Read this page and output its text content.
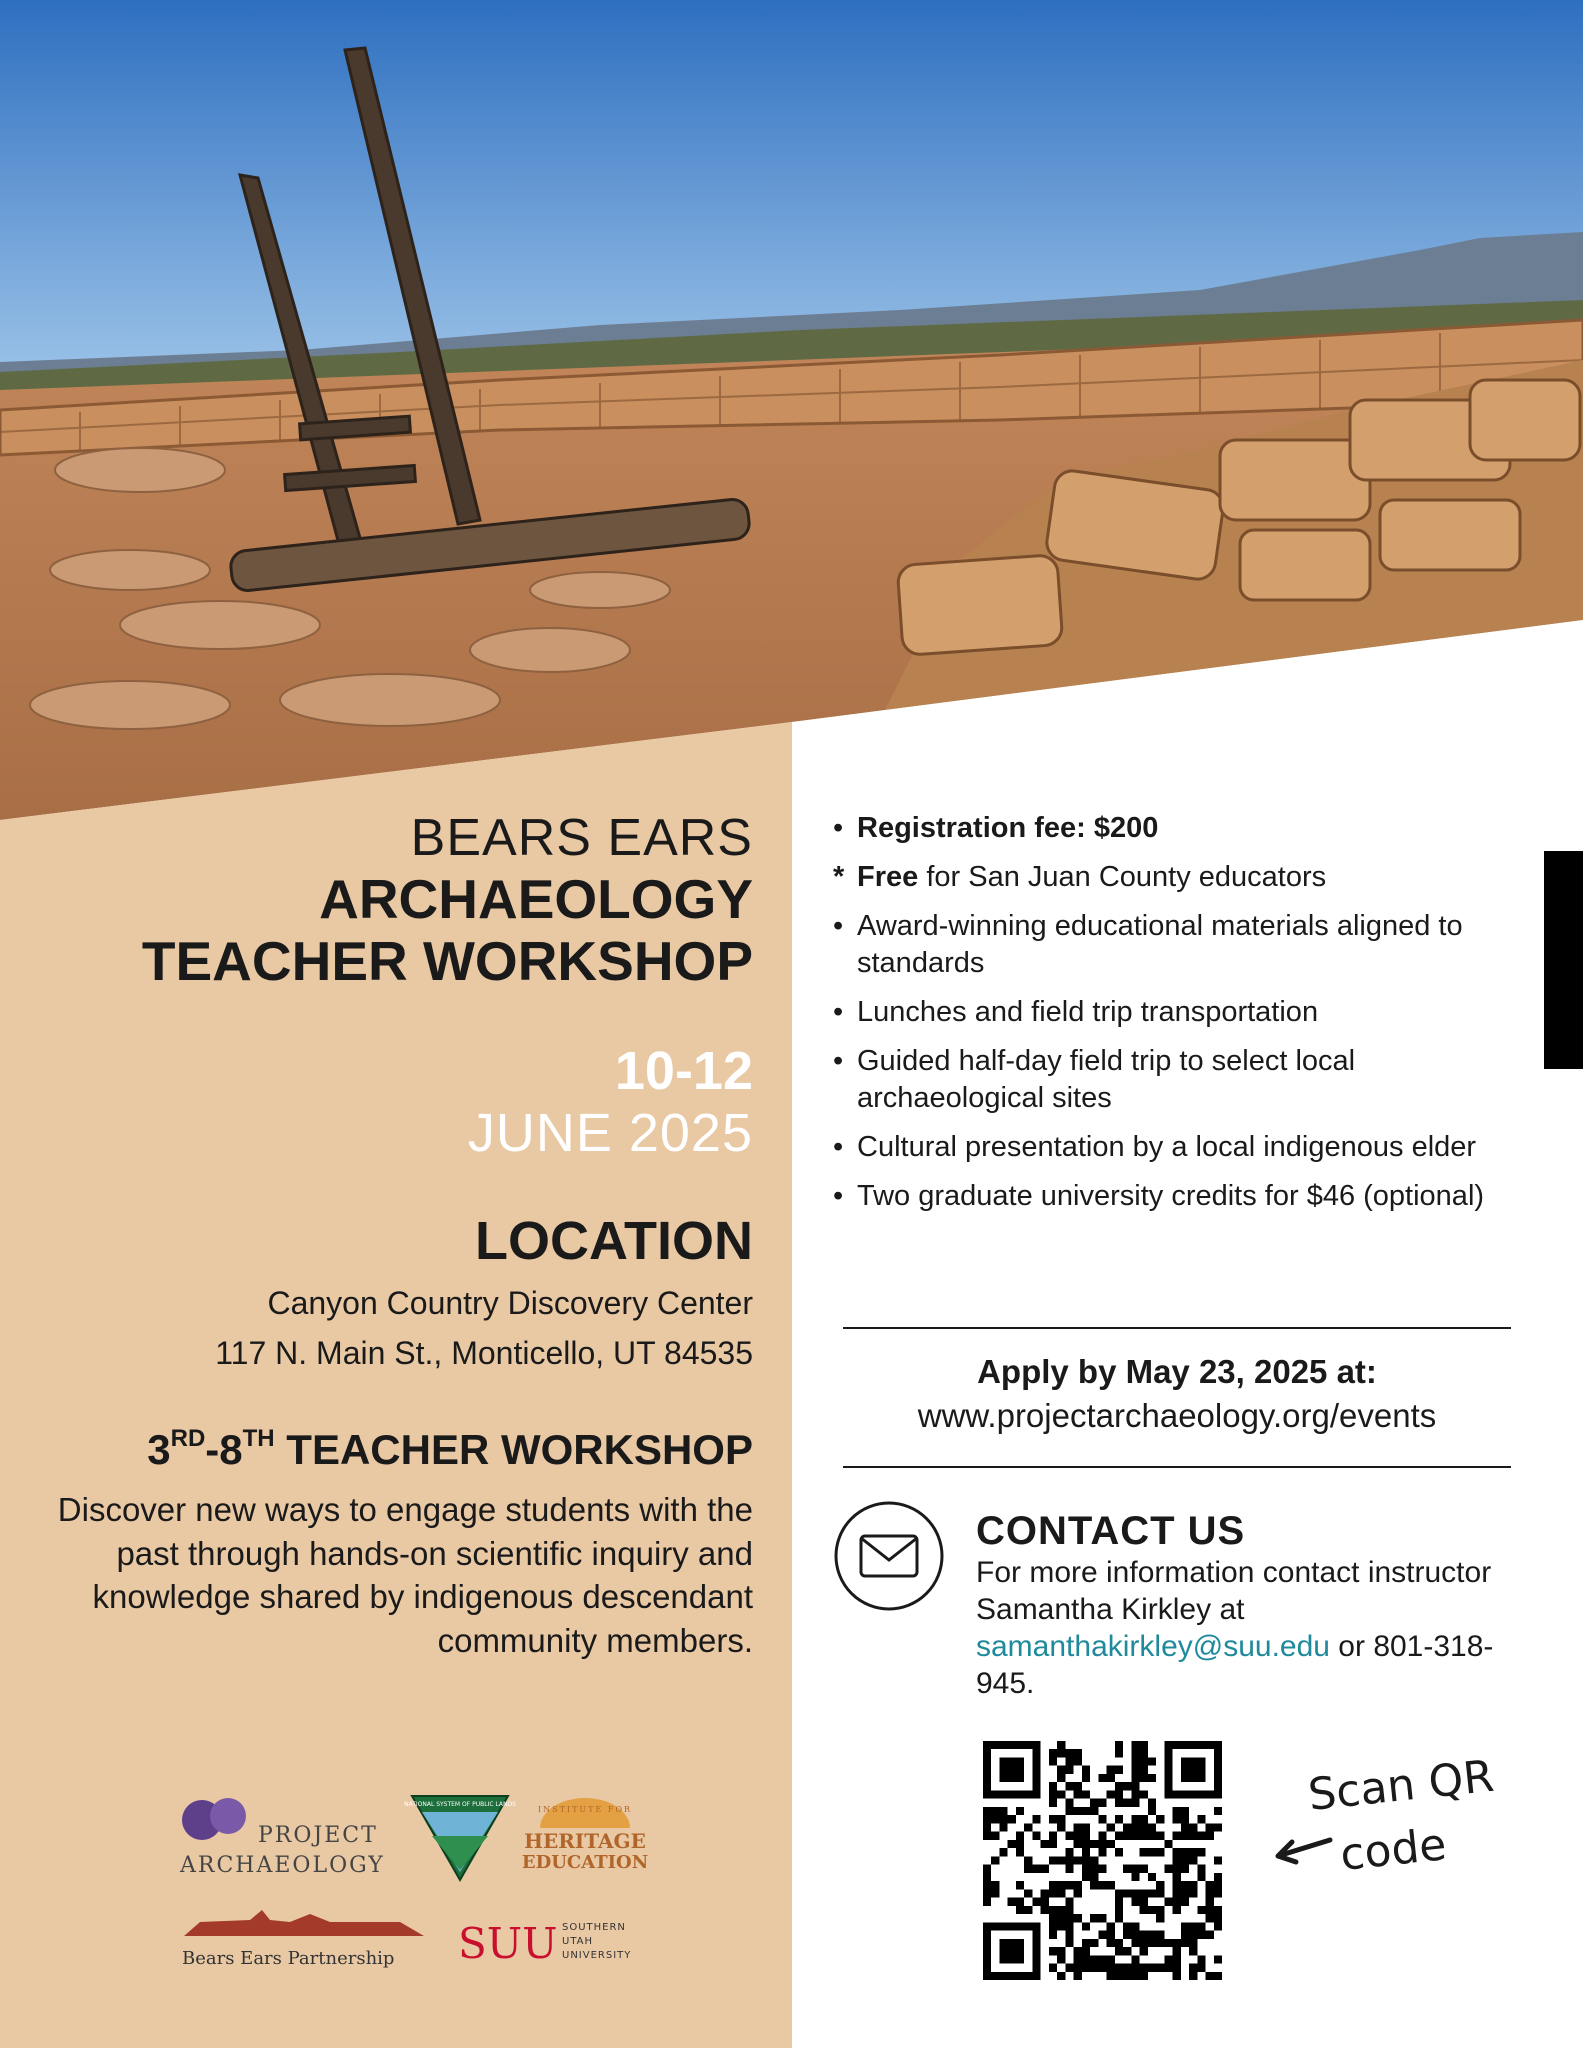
BEARS EARS
ARCHAEOLOGY
TEACHER WORKSHOP
10-12
JUNE 2025
LOCATION
Canyon Country Discovery Center
117 N. Main St., Monticello, UT 84535
3RD-8TH TEACHER WORKSHOP
Discover new ways to engage students with the past through hands-on scientific inquiry and knowledge shared by indigenous descendant community members.
• Registration fee: $200
* Free for San Juan County educators
• Award-winning educational materials aligned to standards
• Lunches and field trip transportation
• Guided half-day field trip to select local archaeological sites
• Cultural presentation by a local indigenous elder
• Two graduate university credits for $46 (optional)
Apply by May 23, 2025 at:
www.projectarchaeology.org/events
CONTACT US
For more information contact instructor Samantha Kirkley at
samanthakirkley@suu.edu or 801-318-945.
Scan QR
code
PROJECT
ARCHAEOLOGY
NATIONAL SYSTEM OF PUBLIC LANDS
INSTITUTE FOR
HERITAGE
EDUCATION
Bears Ears Partnership SUU SOUTHERN
UTAH
UNIVERSITY
